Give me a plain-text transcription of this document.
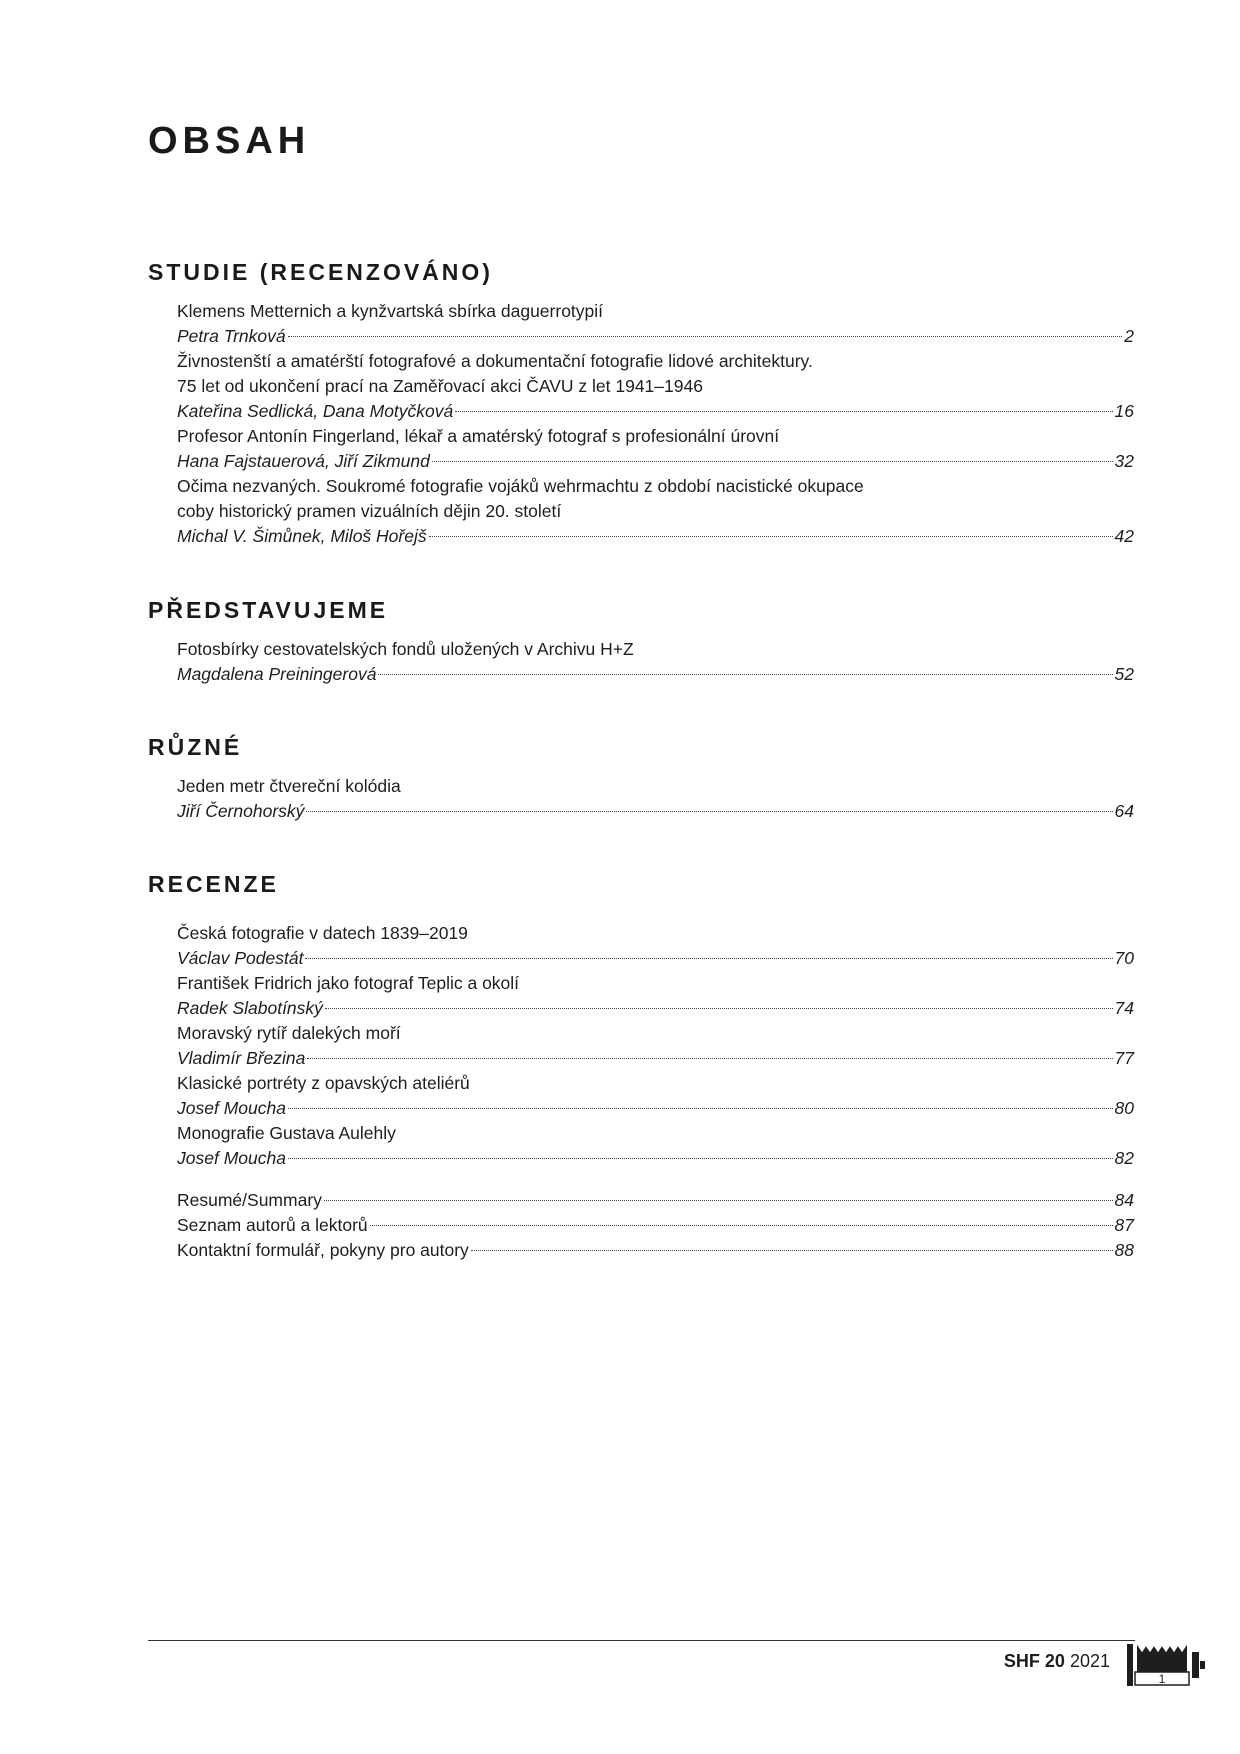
OBSAH
STUDIE (RECENZOVÁNO)
Klemens Metternich a kynžvartská sbírka daguerrotypií
Petra Trnková	2
Živnostenští a amatérští fotografové a dokumentační fotografie lidové architektury.
75 let od ukončení prací na Zaměřovací akci ČAVU z let 1941–1946
Kateřina Sedlická, Dana Motyčková	16
Profesor Antonín Fingerland, lékař a amatérský fotograf s profesionální úrovní
Hana Fajstauerová, Jiří Zikmund	32
Očima nezvaných. Soukromé fotografie vojáků wehrmachtu z období nacistické okupace
coby historický pramen vizuálních dějin 20. století
Michal V. Šimůnek, Miloš Hořejš	42
PŘEDSTAVUJEME
Fotosbírky cestovatelských fondů uložených v Archivu H+Z
Magdalena Preiningerová	52
RŮZNÉ
Jeden metr čtvereční kolódia
Jiří Černohorský	64
RECENZE
Česká fotografie v datech 1839–2019
Václav Podestát	70
František Fridrich jako fotograf Teplic a okolí
Radek Slabotínský	74
Moravský rytíř dalekých moří
Vladimír Březina	77
Klasické portréty z opavských ateliérů
Josef Moucha	80
Monografie Gustava Aulehly
Josef Moucha	82
Resumé/Summary	84
Seznam autorů a lektorů	87
Kontaktní formulář, pokyny pro autory	88
SHF 20 2021
1
